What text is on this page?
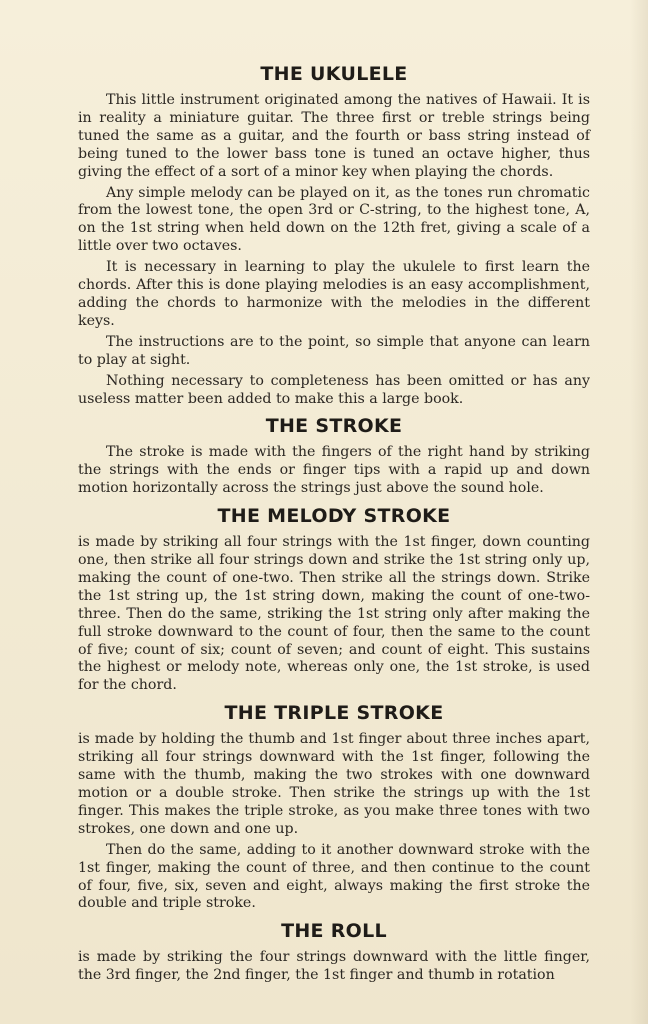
THE UKULELE

This little instrument originated among the natives of Hawaii. It is in reality a miniature guitar. The three first or treble strings being tuned the same as a guitar, and the fourth or bass string instead of being tuned to the lower bass tone is tuned an octave higher, thus giving the effect of a sort of a minor key when playing the chords.

Any simple melody can be played on it, as the tones run chromatic from the lowest tone, the open 3rd or C-string, to the highest tone, A, on the 1st string when held down on the 12th fret, giving a scale of a little over two octaves.

It is necessary in learning to play the ukulele to first learn the chords. After this is done playing melodies is an easy accomplishment, adding the chords to harmonize with the melodies in the different keys.

The instructions are to the point, so simple that anyone can learn to play at sight.

Nothing necessary to completeness has been omitted or has any useless matter been added to make this a large book.

THE STROKE

The stroke is made with the fingers of the right hand by striking the strings with the ends or finger tips with a rapid up and down motion horizontally across the strings just above the sound hole.

THE MELODY STROKE

is made by striking all four strings with the 1st finger, down counting one, then strike all four strings down and strike the 1st string only up, making the count of one-two. Then strike all the strings down. Strike the 1st string up, the 1st string down, making the count of one-two-three. Then do the same, striking the 1st string only after making the full stroke downward to the count of four, then the same to the count of five; count of six; count of seven; and count of eight. This sustains the highest or melody note, whereas only one, the 1st stroke, is used for the chord.

THE TRIPLE STROKE

is made by holding the thumb and 1st finger about three inches apart, striking all four strings downward with the 1st finger, following the same with the thumb, making the two strokes with one downward motion or a double stroke. Then strike the strings up with the 1st finger. This makes the triple stroke, as you make three tones with two strokes, one down and one up.

Then do the same, adding to it another downward stroke with the 1st finger, making the count of three, and then continue to the count of four, five, six, seven and eight, always making the first stroke the double and triple stroke.

THE ROLL

is made by striking the four strings downward with the little finger, the 3rd finger, the 2nd finger, the 1st finger and thumb in rotation
